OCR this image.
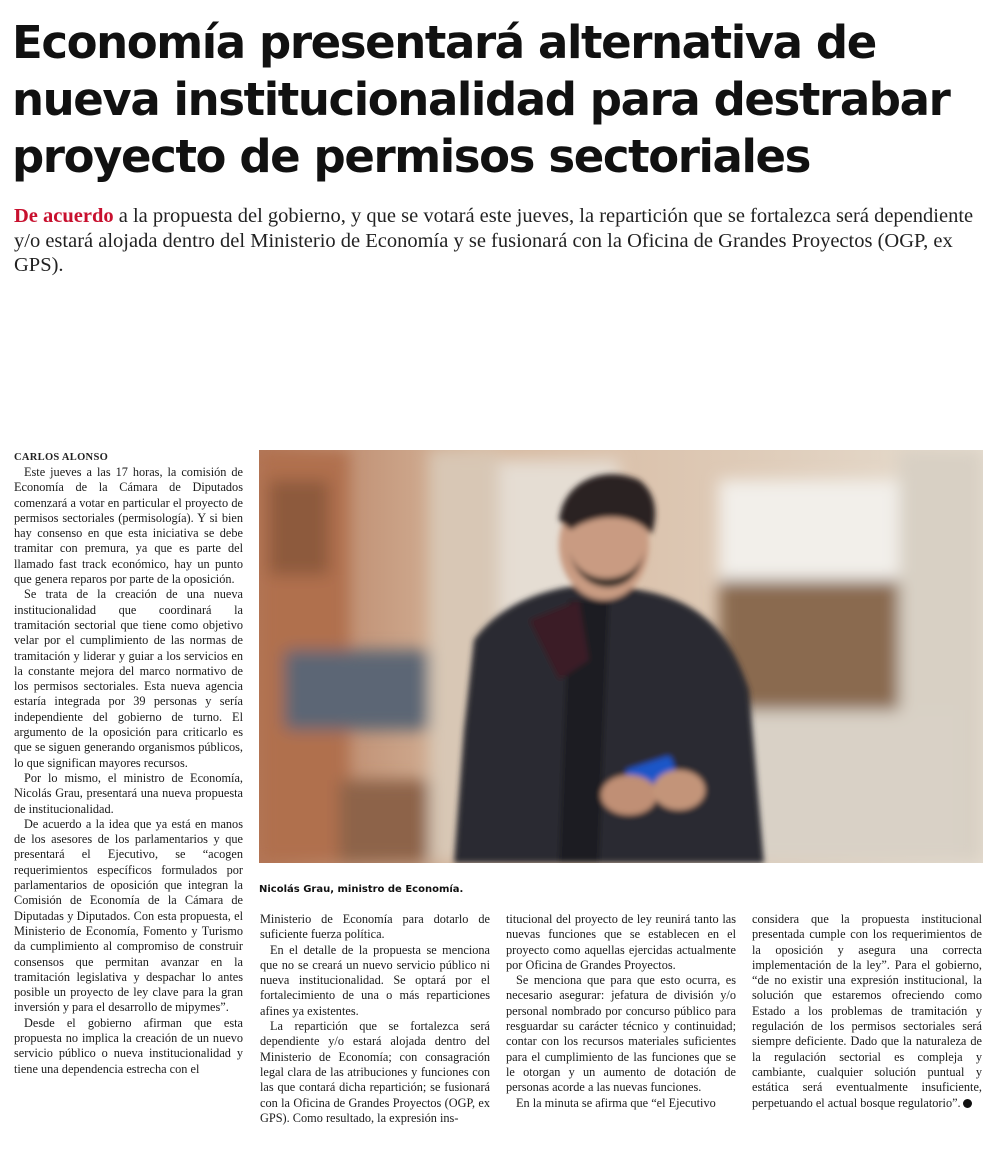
Economía presentará alternativa de nueva institucionalidad para destrabar proyecto de permisos sectoriales

De acuerdo a la propuesta del gobierno, y que se votará este jueves, la repartición que se fortalezca será dependiente y/o estará alojada dentro del Ministerio de Economía y se fusionará con la Oficina de Grandes Proyectos (OGP, ex GPS).

CARLOS ALONSO

Este jueves a las 17 horas, la comisión de Economía de la Cámara de Diputados comenzará a votar en particular el proyecto de permisos sectoriales (permisología). Y si bien hay consenso en que esta iniciativa se debe tramitar con premura, ya que es parte del llamado fast track económico, hay un punto que genera reparos por parte de la oposición.

Se trata de la creación de una nueva institucionalidad que coordinará la tramitación sectorial que tiene como objetivo velar por el cumplimiento de las normas de tramitación y liderar y guiar a los servicios en la constante mejora del marco normativo de los permisos sectoriales. Esta nueva agencia estaría integrada por 39 personas y sería independiente del gobierno de turno. El argumento de la oposición para criticarlo es que se siguen generando organismos públicos, lo que significan mayores recursos.

Por lo mismo, el ministro de Economía, Nicolás Grau, presentará una nueva propuesta de institucionalidad.

De acuerdo a la idea que ya está en manos de los asesores de los parlamentarios y que presentará el Ejecutivo, se “acogen requerimientos específicos formulados por parlamentarios de oposición que integran la Comisión de Economía de la Cámara de Diputadas y Diputados. Con esta propuesta, el Ministerio de Economía, Fomento y Turismo da cumplimiento al compromiso de construir consensos que permitan avanzar en la tramitación legislativa y despachar lo antes posible un proyecto de ley clave para la gran inversión y para el desarrollo de mipymes”.

Desde el gobierno afirman que esta propuesta no implica la creación de un nuevo servicio público o nueva institucionalidad y tiene una dependencia estrecha con el

Nicolás Grau, ministro de Economía.

Ministerio de Economía para dotarlo de suficiente fuerza política.

En el detalle de la propuesta se menciona que no se creará un nuevo servicio público ni nueva institucionalidad. Se optará por el fortalecimiento de una o más reparticiones afines ya existentes.

La repartición que se fortalezca será dependiente y/o estará alojada dentro del Ministerio de Economía; con consagración legal clara de las atribuciones y funciones con las que contará dicha repartición; se fusionará con la Oficina de Grandes Proyectos (OGP, ex GPS). Como resultado, la expresión ins-

titucional del proyecto de ley reunirá tanto las nuevas funciones que se establecen en el proyecto como aquellas ejercidas actualmente por Oficina de Grandes Proyectos.

Se menciona que para que esto ocurra, es necesario asegurar: jefatura de división y/o personal nombrado por concurso público para resguardar su carácter técnico y continuidad; contar con los recursos materiales suficientes para el cumplimiento de las funciones que se le otorgan y un aumento de dotación de personas acorde a las nuevas funciones.

En la minuta se afirma que “el Ejecutivo

considera que la propuesta institucional presentada cumple con los requerimientos de la oposición y asegura una correcta implementación de la ley”. Para el gobierno, “de no existir una expresión institucional, la solución que estaremos ofreciendo como Estado a los problemas de tramitación y regulación de los permisos sectoriales será siempre deficiente. Dado que la naturaleza de la regulación sectorial es compleja y cambiante, cualquier solución puntual y estática será eventualmente insuficiente, perpetuando el actual bosque regulatorio”.
